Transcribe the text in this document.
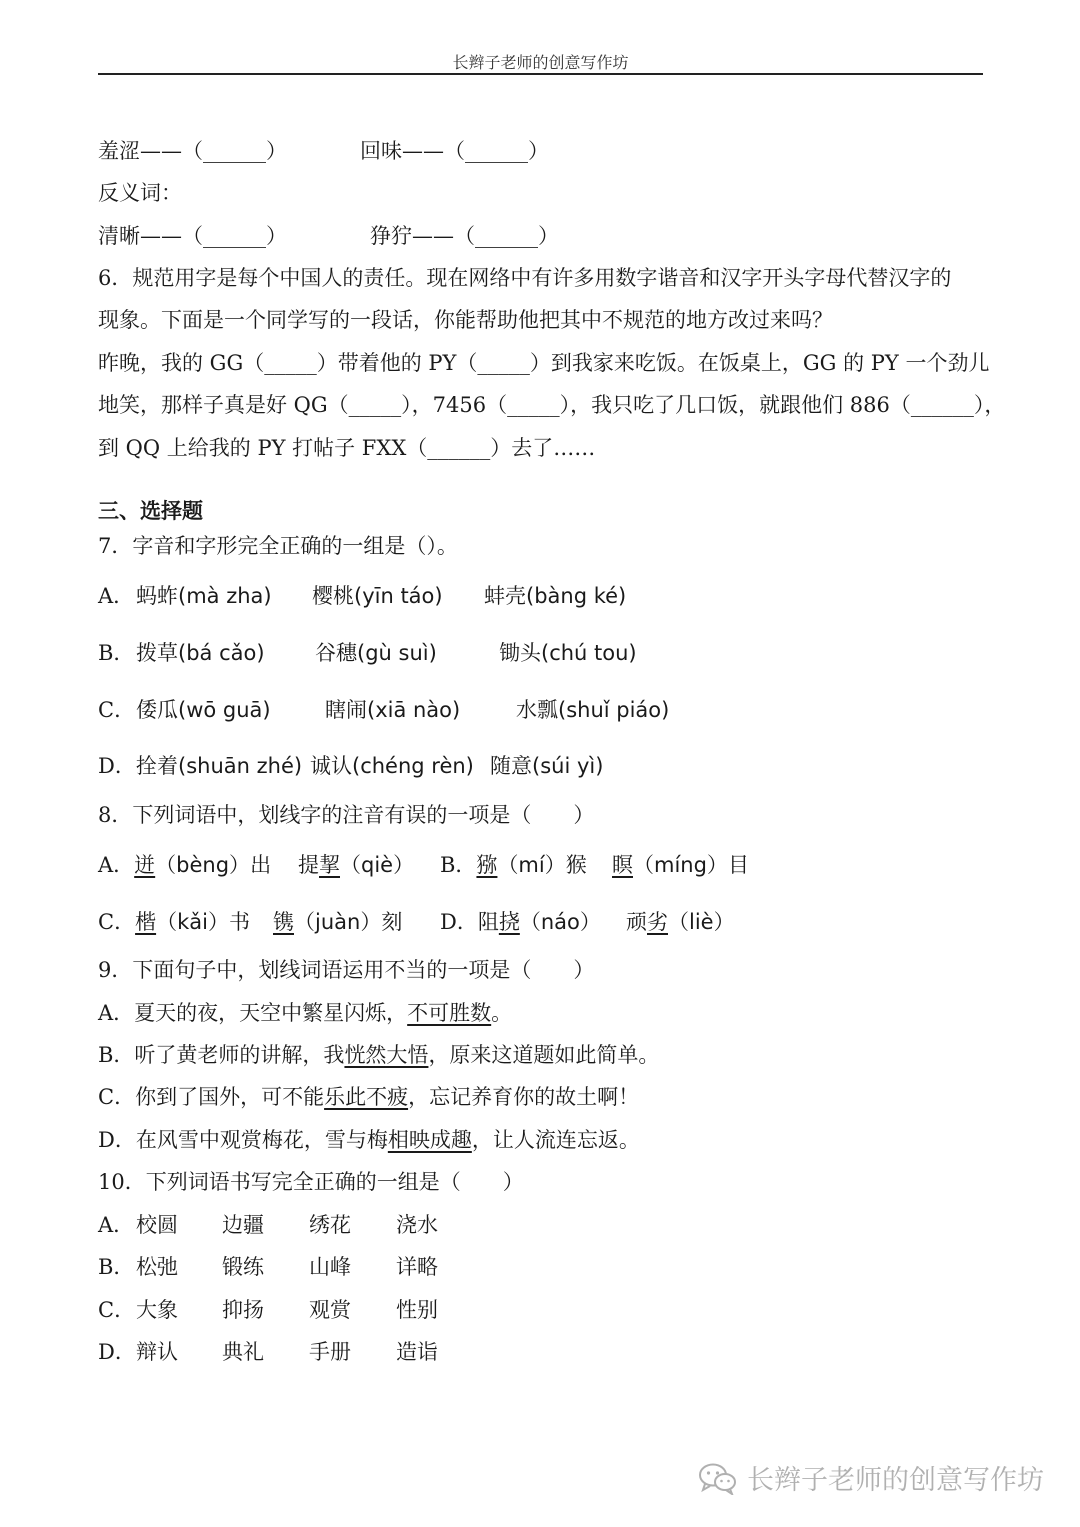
长辫子老师的创意写作坊
羞涩——（______）	回味——（______）
反义词：
清晰——（______）	狰狞——（______）
6．规范用字是每个中国人的责任。现在网络中有许多用数字谐音和汉字开头字母代替汉字的
现象。下面是一个同学写的一段话，你能帮助他把其中不规范的地方改过来吗？
昨晚，我的 GG（_____）带着他的 PY（_____）到我家来吃饭。在饭桌上，GG 的 PY 一个劲儿
地笑，那样子真是好 QG（_____），7456（_____），我只吃了几口饭，就跟他们 886（______），
到 QQ 上给我的 PY 打帖子 FXX（______）去了……
三、选择题
7．字音和字形完全正确的一组是（）。
A． 蚂蚱(mà zha) 樱桃(yīn táo) 蚌壳(bàng ké)
B． 拨草(bá cǎo) 谷穗(gù suì)	锄头(chú tou)
C． 倭瓜(wō guā)	瞎闹(xiā nào)	水瓢(shuǐ piáo)
D． 拴着(shuān zhé) 诚认(chéng rèn) 随意(súi yì)
8．下列词语中，划线字的注音有误的一项是（　　）
A．迸（bèng）出 提挈（qiè） B．猕（mí）猴 瞑（míng）目
C．楷（kǎi）书 镌（juàn）刻 D．阻挠（náo） 顽劣（liè）
9．下面句子中，划线词语运用不当的一项是（　　）
A．夏天的夜，天空中繁星闪烁，不可胜数。
B．听了黄老师的讲解，我恍然大悟，原来这道题如此简单。
C．你到了国外，可不能乐此不疲，忘记养育你的故土啊！
D．在风雪中观赏梅花，雪与梅相映成趣，让人流连忘返。
10．下列词语书写完全正确的一组是（　　）
A． 校圆 边疆 绣花 浇水
B． 松弛 锻练 山峰 详略
C． 大象 抑扬 观赏 性别
D． 辩认 典礼 手册 造诣
长辫子老师的创意写作坊
